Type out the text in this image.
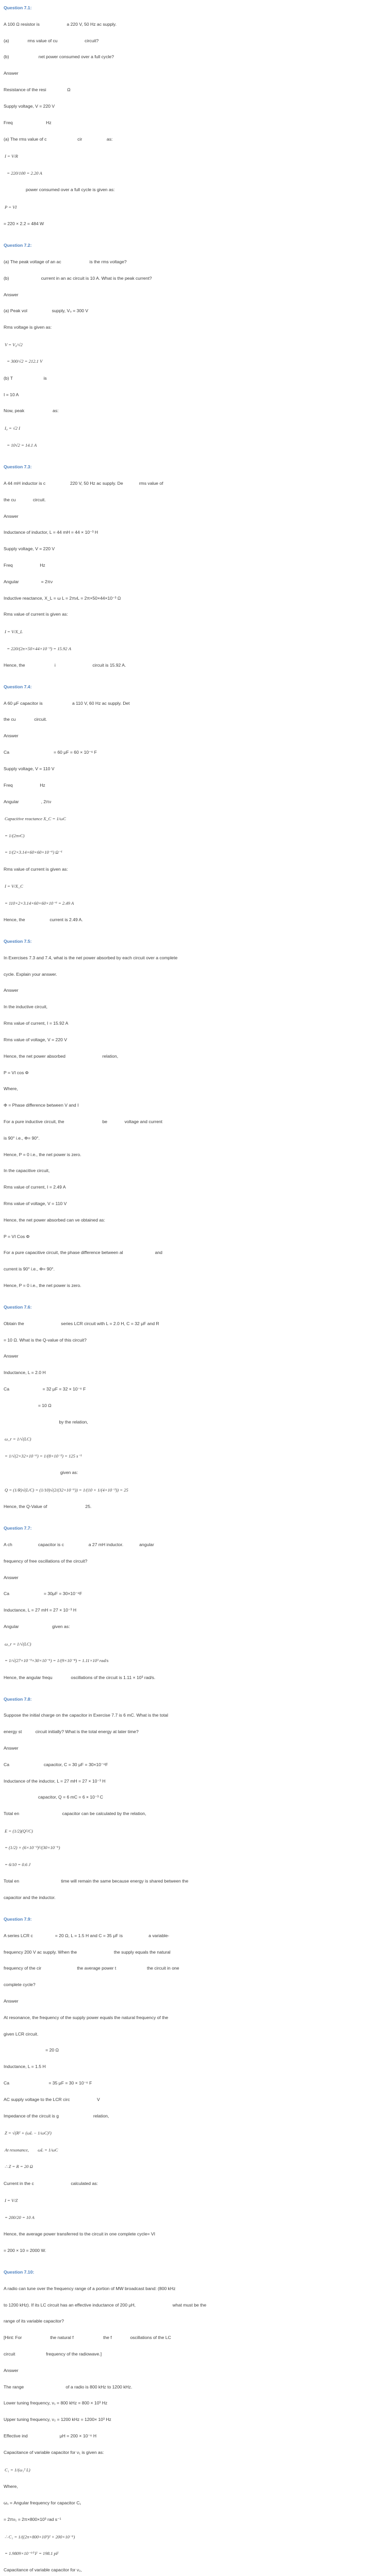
Question 7.1:
A 100 Ω resistor is                      a 220 V, 50 Hz ac supply.
(a)               rms value of cu                      circuit?
(b)                        net power consumed over a full cycle?
Answer
Resistance of the resi                 Ω
Supply voltage, V = 220 V
Freq                           Hz
(a) The rms value of c                         cir                    as:
I = V/R
= 220/100 = 2.20 A
power consumed over a full cycle is given as:
P = VI
= 220 × 2.2 = 484 W
Question 7.2:
(a) The peak voltage of an ac                       is the rms voltage?
(b)                          current in an ac circuit is 10 A. What is the peak current?
Answer
(a) Peak vol                    supply, V₀ = 300 V
Rms voltage is given as:
V = V₀/√2
= 300/√2 = 212.1 V
(b) T                         is
I = 10 A
Now, peak                       as:
I₀ = √2 I
= 10√2 = 14.1 A
Question 7.3:
A 44 mH inductor is c                    220 V, 50 Hz ac supply. De             rms value of
the cu              circuit.
Answer
Inductance of inductor, L = 44 mH = 44 × 10⁻³ H
Supply voltage, V = 220 V
Freq                      Hz
Angular                  = 2πν
Inductive reactance, X_L = ω L = 2πνL = 2π×50×44×10⁻³ Ω
Rms value of current is given as:
I = V/X_L
= 220/(2π×50×44×10⁻³) = 15.92 A
Hence, the                        i                              circuit is 15.92 A.
Question 7.4:
A 60 μF capacitor is                        a 110 V, 60 Hz ac supply. Det
the cu               circuit.
Answer
Ca                                    = 60 μF = 60 × 10⁻⁶ F
Supply voltage, V = 110 V
Freq                      Hz
Angular                  , 2πν
Capacitive reactance X_C = 1/ωC
= 1/(2πνC)
= 1/(2×3.14×60×60×10⁻⁶) Ω⁻¹
Rms value of current is given as:
I = V/X_C
= 110×2×3.14×60×60×10⁻⁶ = 2.49 A
Hence, the                    current is 2.49 A.
Question 7.5:
In Exercises 7.3 and 7.4, what is the net power absorbed by each circuit over a complete
cycle. Explain your answer.
Answer
In the inductive circuit,
Rms value of current, I = 15.92 A
Rms value of voltage, V = 220 V
Hence, the net power absorbed                              relation,
P = VI cos Φ
Where,
Φ = Phase difference between V and I
For a pure inductive circuit, the                               be              voltage and current
is 90° i.e., Φ= 90°.
Hence, P = 0 i.e., the net power is zero.
In the capacitive circuit,
Rms value of current, I = 2.49 A
Rms value of voltage, V = 110 V
Hence, the net power absorbed can ve obtained as:
P = VI Cos Φ
For a pure capacitive circuit, the phase difference between al                          and
current is 90° i.e., Φ= 90°.
Hence, P = 0 i.e., the net power is zero.
Question 7.6:
Obtain the                              series LCR circuit with L = 2.0 H, C = 32 μF and R
= 10 Ω. What is the Q-value of this circuit?
Answer
Inductance, L = 2.0 H
Ca                           = 32 μF = 32 × 10⁻⁶ F
= 10 Ω
by the relation,
ω_r = 1/√(LC)
= 1/√(2×32×10⁻⁶) = 1/(8×10⁻³) = 125 s⁻¹
given as:
Q = (1/R)√(L/C) = (1/10)√(2/(32×10⁻⁶)) = 1/(10 × 1/(4×10⁻³)) = 25
Hence, the Q-Value of                               25.
Question 7.7:
A ch                     capacitor is c                    a 27 mH inductor.             angular
frequency of free oscillations of the circuit?
Answer
Ca                            = 30μF = 30×10⁻⁶F
Inductance, L = 27 mH = 27 × 10⁻³ H
Angular                           given as:
ω_r = 1/√(LC)
= 1/√(27×10⁻³×30×10⁻⁶) = 1/(9×10⁻⁴) = 1.11×10³ rad/s
Hence, the angular frequ               oscillations of the circuit is 1.11 × 10³ rad/s.
Question 7.8:
Suppose the initial charge on the capacitor in Exercise 7.7 is 6 mC. What is the total
energy st           circuit initially? What is the total energy at later time?
Answer
Ca                            capacitor, C = 30 μF = 30×10⁻⁶F
Inductance of the inductor, L = 27 mH = 27 × 10⁻³ H
capacitor, Q = 6 mC = 6 × 10⁻³ C
Total en                                   capacitor can be calculated by the relation,
E = (1/2)(Q²/C)
= (1/2) × (6×10⁻³)²/(30×10⁻⁶)
= 6/10 = 0.6 J
Total en                                  time will remain the same because energy is shared between the
capacitor and the inductor.
Question 7.9:
A series LCR c                  = 20 Ω, L = 1.5 H and C = 35 μF is                     a variable-
frequency 200 V ac supply. When the                              the supply equals the natural
frequency of the cir                             the average power t                         the circuit in one
complete cycle?
Answer
At resonance, the frequency of the supply power equals the natural frequency of the
given LCR circuit.
= 20 Ω
Inductance, L = 1.5 H
Ca                                = 35 μF = 30 × 10⁻⁶ F
AC supply voltage to the LCR circ                      V
Impedance of the circuit is g                            relation,
Z = √(R² + (ωL − 1/ωC)²)
At resonance,        ωL = 1/ωC
∴ Z = R = 20 Ω
Current in the c                              calculated as:
I = V/Z
= 200/20 = 10 A
Hence, the average power transferred to the circuit in one complete cycle= VI
= 200 × 10 = 2000 W.
Question 7.10:
A radio can tune over the frequency range of a portion of MW broadcast band: (800 kHz
to 1200 kHz). If its LC circuit has an effective inductance of 200 μH,                              what must be the
range of its variable capacitor?
[Hint: For                       the natural f                        the f               oscillations of the LC
circuit                         frequency of the radiowave.]
Answer
The range                                  of a radio is 800 kHz to 1200 kHz.
Lower tuning frequency, ν₁ = 800 kHz = 800 × 10³ Hz
Upper tuning frequency, ν₂ = 1200 kHz = 1200× 10³ Hz
Effective ind                          μH = 200 × 10⁻⁶ H
Capacitance of variable capacitor for ν₁ is given as:
C₁ = 1/(ω₁² L)
Where,
ω₁ = Angular frequency for capacitor C₁
= 2πν₁ = 2π×800×10³ rad s⁻¹
∴ C₁ = 1/((2π×800×10³)² × 200×10⁻⁶)
= 1.9809×10⁻¹⁰ F = 198.1 pF
Capacitance of variable capacitor for ν₂,
